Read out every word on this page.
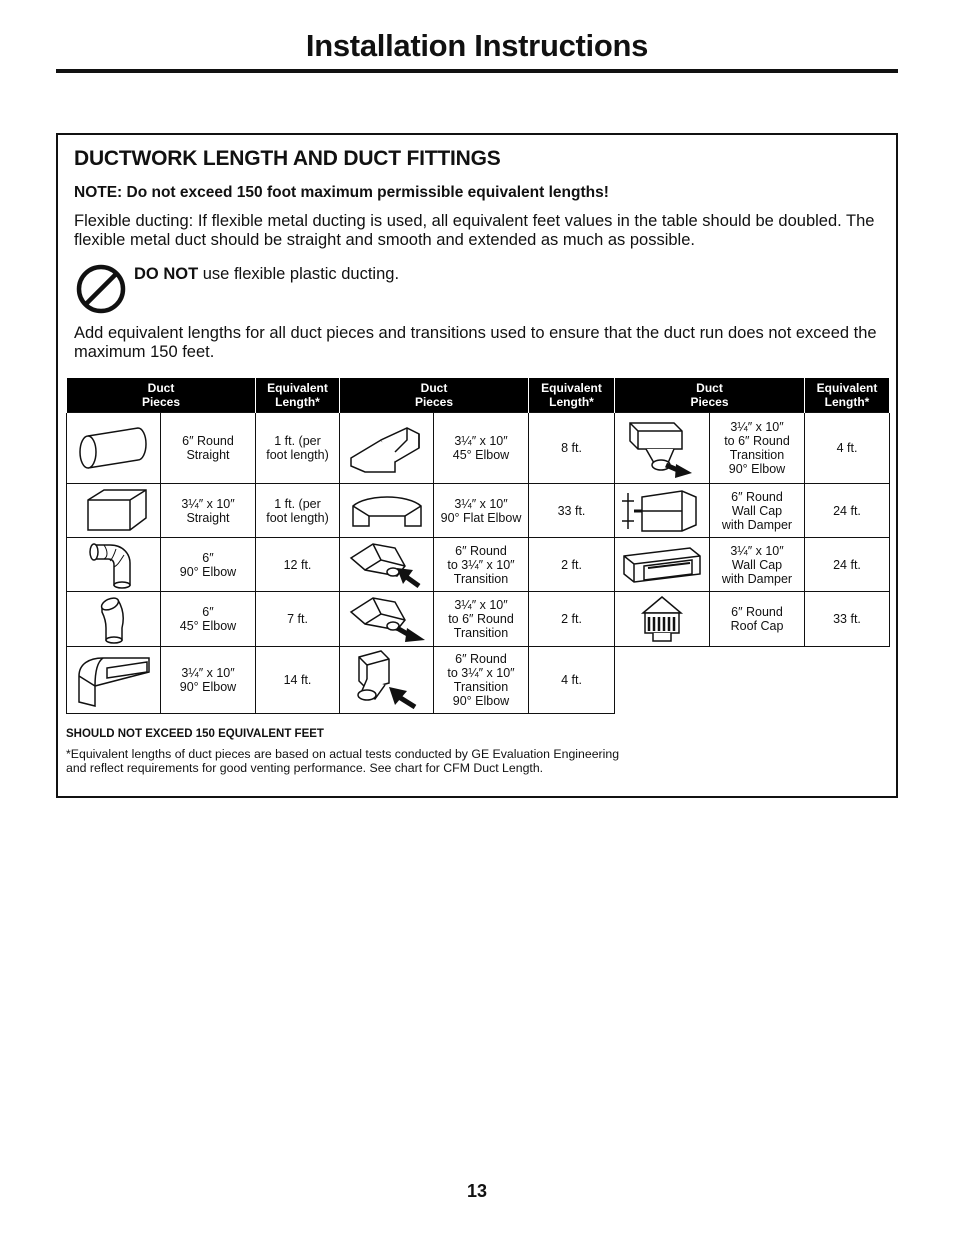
Installation Instructions
DUCTWORK LENGTH AND DUCT FITTINGS

NOTE: Do not exceed 150 foot maximum permissible equivalent lengths!

Flexible ducting: If flexible metal ducting is used, all equivalent feet values in the table should be doubled. The flexible metal duct should be straight and smooth and extended as much as possible.

DO NOT use flexible plastic ducting.

Add equivalent lengths for all duct pieces and transitions used to ensure that the duct run does not exceed the maximum 150 feet.

Duct
Pieces		Equivalent
Length*	Duct
Pieces		Equivalent
Length*	Duct
Pieces		Equivalent
Length*

6″ Round
Straight	1 ft. (per
foot length)		3¼″ x 10″
45° Elbow	8 ft.		3¼″ x 10″
to 6″ Round
Transition
90° Elbow	4 ft.

3¼″ x 10″
Straight	1 ft. (per
foot length)		3¼″ x 10″
90° Flat Elbow	33 ft.		6″ Round
Wall Cap
with Damper	24 ft.

6″
90° Elbow	12 ft.		6″ Round
to 3¼″ x 10″
Transition	2 ft.		3¼″ x 10″
Wall Cap
with Damper	24 ft.

6″
45° Elbow	7 ft.		3¼″ x 10″
to 6″ Round
Transition	2 ft.		6″ Round
Roof Cap	33 ft.

3¼″ x 10″
90° Elbow	14 ft.		6″ Round
to 3¼″ x 10″
Transition
90° Elbow	4 ft.			

SHOULD NOT EXCEED 150 EQUIVALENT FEET

*Equivalent lengths of duct pieces are based on actual tests conducted by GE Evaluation Engineering
and reflect requirements for good venting performance. See chart for CFM Duct Length.

13
